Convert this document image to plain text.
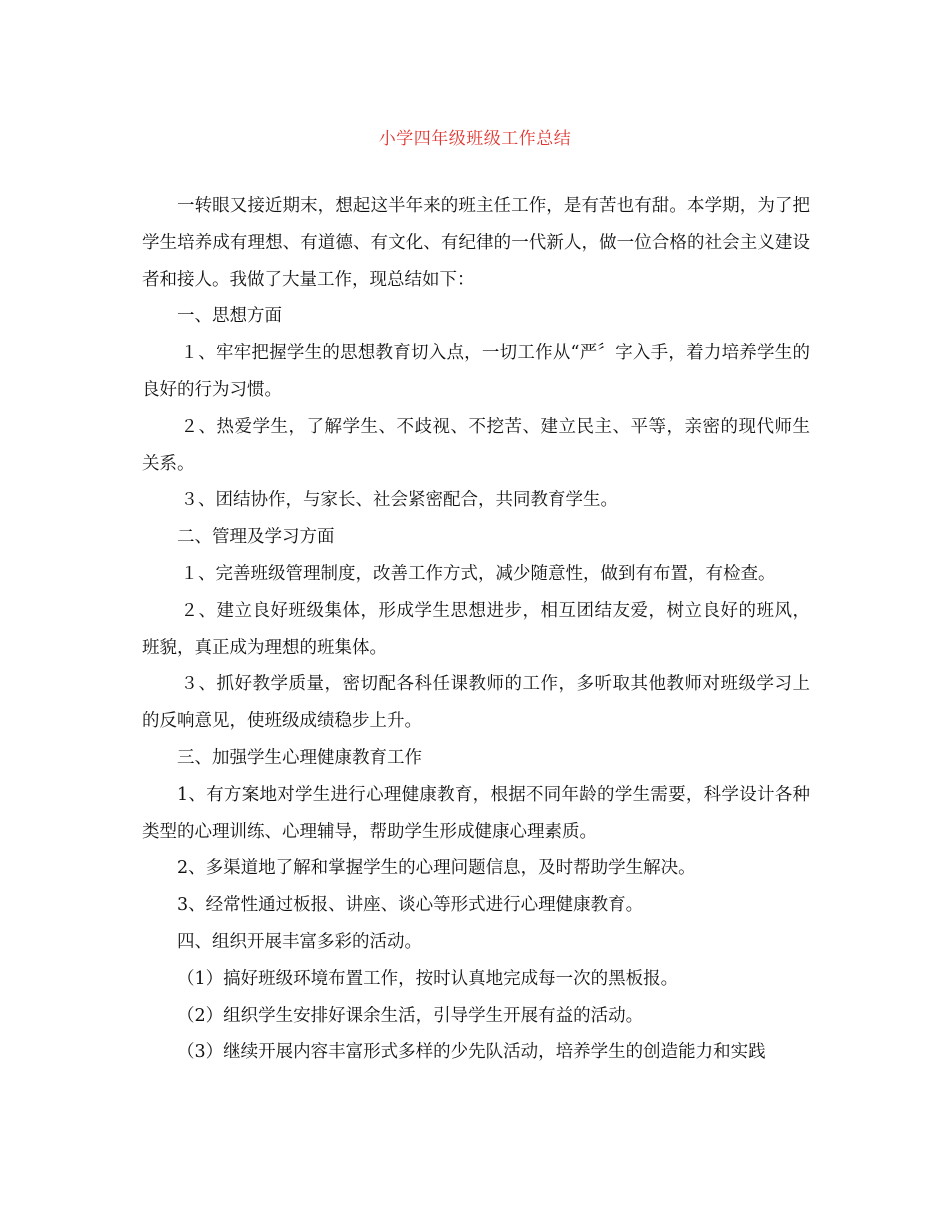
小学四年级班级工作总结

一转眼又接近期末，想起这半年来的班主任工作，是有苦也有甜。本学期，为了把学生培养成有理想、有道德、有文化、有纪律的一代新人，做一位合格的社会主义建设者和接人。我做了大量工作，现总结如下：

一、思想方面

１、牢牢把握学生的思想教育切入点，一切工作从“严〞字入手，着力培养学生的良好的行为习惯。

２、热爱学生，了解学生、不歧视、不挖苦、建立民主、平等，亲密的现代师生关系。

３、团结协作，与家长、社会紧密配合，共同教育学生。

二、管理及学习方面

１、完善班级管理制度，改善工作方式，减少随意性，做到有布置，有检查。

２、建立良好班级集体，形成学生思想进步，相互团结友爱，树立良好的班风，班貌，真正成为理想的班集体。

３、抓好教学质量，密切配各科任课教师的工作，多听取其他教师对班级学习上的反响意见，使班级成绩稳步上升。

三、加强学生心理健康教育工作

1、有方案地对学生进行心理健康教育，根据不同年龄的学生需要，科学设计各种类型的心理训练、心理辅导，帮助学生形成健康心理素质。

2、多渠道地了解和掌握学生的心理问题信息，及时帮助学生解决。

3、经常性通过板报、讲座、谈心等形式进行心理健康教育。

四、组织开展丰富多彩的活动。

（1）搞好班级环境布置工作，按时认真地完成每一次的黑板报。

（2）组织学生安排好课余生活，引导学生开展有益的活动。

（3）继续开展内容丰富形式多样的少先队活动，培养学生的创造能力和实践
